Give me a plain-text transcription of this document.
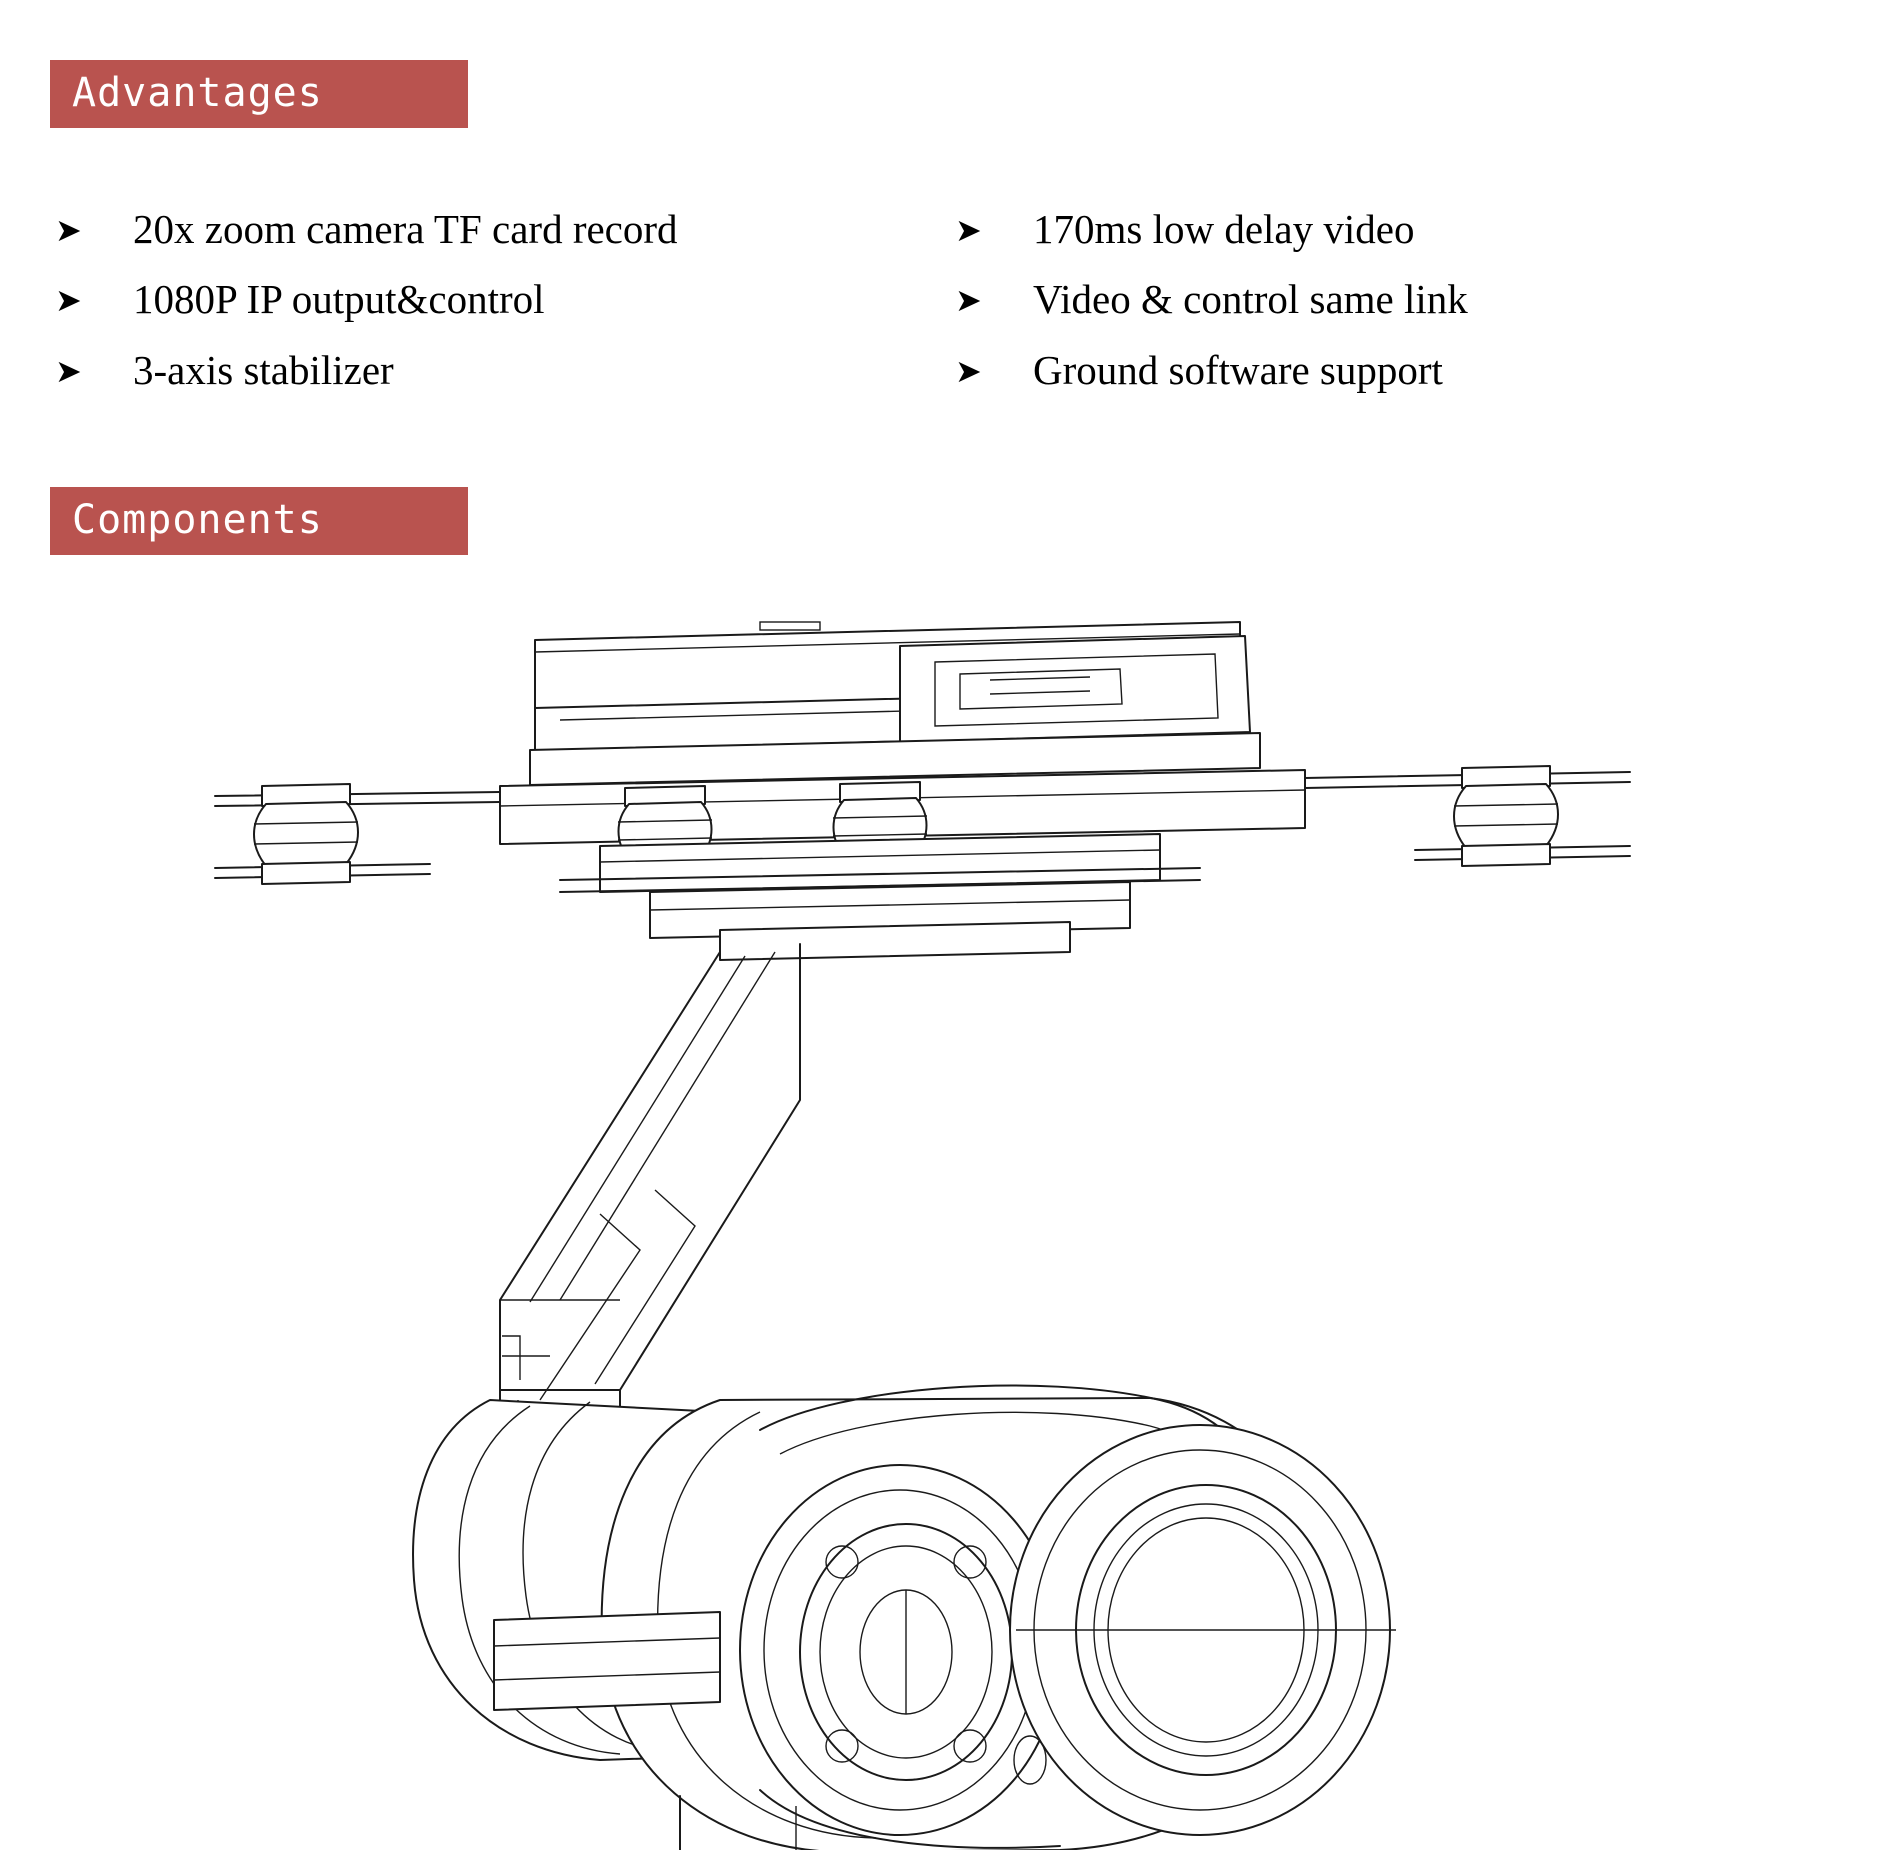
Advantages
➤	20x zoom camera TF card record
➤	1080P IP output&control
➤	3-axis stabilizer
➤	170ms low delay video
➤	Video & control same link
➤	Ground software support
Components
